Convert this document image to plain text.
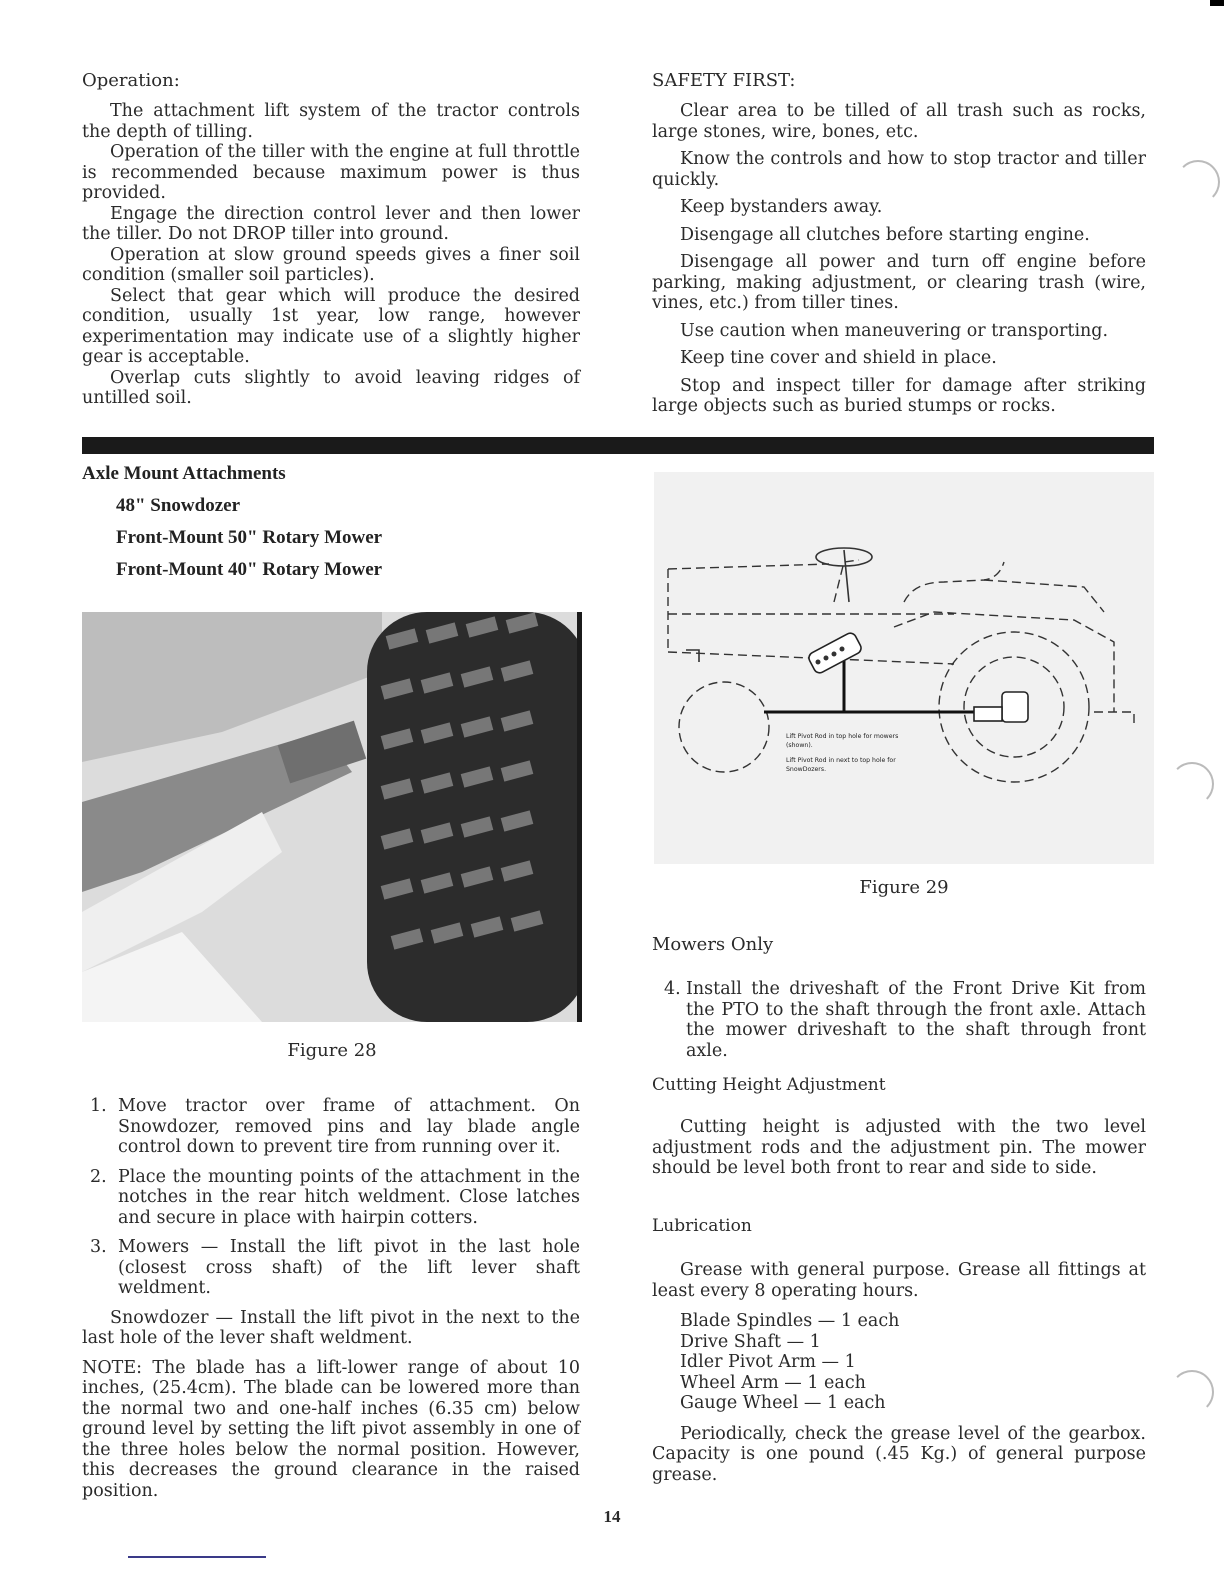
Operation:

The attachment lift system of the tractor controls the depth of tilling.

Operation of the tiller with the engine at full throttle is recommended because maximum power is thus provided.

Engage the direction control lever and then lower the tiller. Do not DROP tiller into ground.

Operation at slow ground speeds gives a finer soil condition (smaller soil particles).

Select that gear which will produce the desired condition, usually 1st year, low range, however experimentation may indicate use of a slightly higher gear is acceptable.

Overlap cuts slightly to avoid leaving ridges of untilled soil.

SAFETY FIRST:

Clear area to be tilled of all trash such as rocks, large stones, wire, bones, etc.

Know the controls and how to stop tractor and tiller quickly.

Keep bystanders away.

Disengage all clutches before starting engine.

Disengage all power and turn off engine before parking, making adjustment, or clearing trash (wire, vines, etc.) from tiller tines.

Use caution when maneuvering or transporting.

Keep tine cover and shield in place.

Stop and inspect tiller for damage after striking large objects such as buried stumps or rocks.

Axle Mount Attachments
48" Snowdozer
Front-Mount 50" Rotary Mower
Front-Mount 40" Rotary Mower
Figure 28
1. Move tractor over frame of attachment. On Snowdozer, removed pins and lay blade angle control down to prevent tire from running over it.
2. Place the mounting points of the attachment in the notches in the rear hitch weldment. Close latches and secure in place with hairpin cotters.
3. Mowers — Install the lift pivot in the last hole (closest cross shaft) of the lift lever shaft weldment.

Snowdozer — Install the lift pivot in the next to the last hole of the lever shaft weldment.

NOTE: The blade has a lift-lower range of about 10 inches, (25.4cm). The blade can be lowered more than the normal two and one-half inches (6.35 cm) below ground level by setting the lift pivot assembly in one of the three holes below the normal position. However, this decreases the ground clearance in the raised position.

Lift Pivot Rod in top hole for mowers
(shown).
Lift Pivot Rod in next to top hole for
SnowDozers.
Figure 29

Mowers Only

4. Install the driveshaft of the Front Drive Kit from the PTO to the shaft through the front axle. Attach the mower driveshaft to the shaft through front axle.

Cutting Height Adjustment

Cutting height is adjusted with the two level adjustment rods and the adjustment pin. The mower should be level both front to rear and side to side.

Lubrication

Grease with general purpose. Grease all fittings at least every 8 operating hours.

Blade Spindles — 1 each
Drive Shaft — 1
Idler Pivot Arm — 1
Wheel Arm — 1 each
Gauge Wheel — 1 each

Periodically, check the grease level of the gearbox. Capacity is one pound (.45 Kg.) of general purpose grease.

14
